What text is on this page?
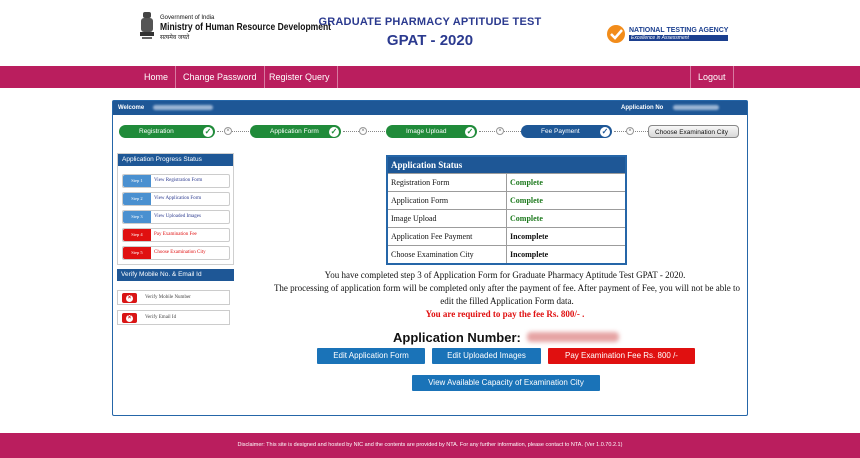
Government of India
Ministry of Human Resource Development
सत्यमेव जयते
GRADUATE PHARMACY APTITUDE TEST
GPAT - 2020
NATIONAL TESTING AGENCY
Excellence in Assessment
Home	Change Password	Register Query	Logout
Welcome	Application No
Registration	✓	×	Application Form ✓	×	Image Upload	✓	×	Fee Payment	✓	×	Choose Examination City
Application Progress Status
Step 1	View Registration Form
Step 2	View Application Form
Step 3	View Uploaded Images
Step 4	Pay Examination Fee
Step 5	Choose Examination City
Verify Mobile No. & Email Id
×	Verify Mobile Number
×	Verify Email Id
Application Status
Registration Form	Complete
Application Form	Complete
Image Upload	Complete
Application Fee Payment	Incomplete
Choose Examination City	Incomplete
You have completed step 3 of Application Form for Graduate Pharmacy Aptitude Test GPAT - 2020.
The processing of application form will be completed only after the payment of fee. After payment of Fee, you will not be able to edit the filled Application Form data.
You are required to pay the fee Rs. 800/- .
Application Number:
Edit Application Form	Edit Uploaded Images	Pay Examination Fee Rs. 800 /-
View Available Capacity of Examination City
Disclaimer: This site is designed and hosted by NIC and the contents are provided by NTA. For any further information, please contact to NTA. (Ver 1.0.70.2.1)
